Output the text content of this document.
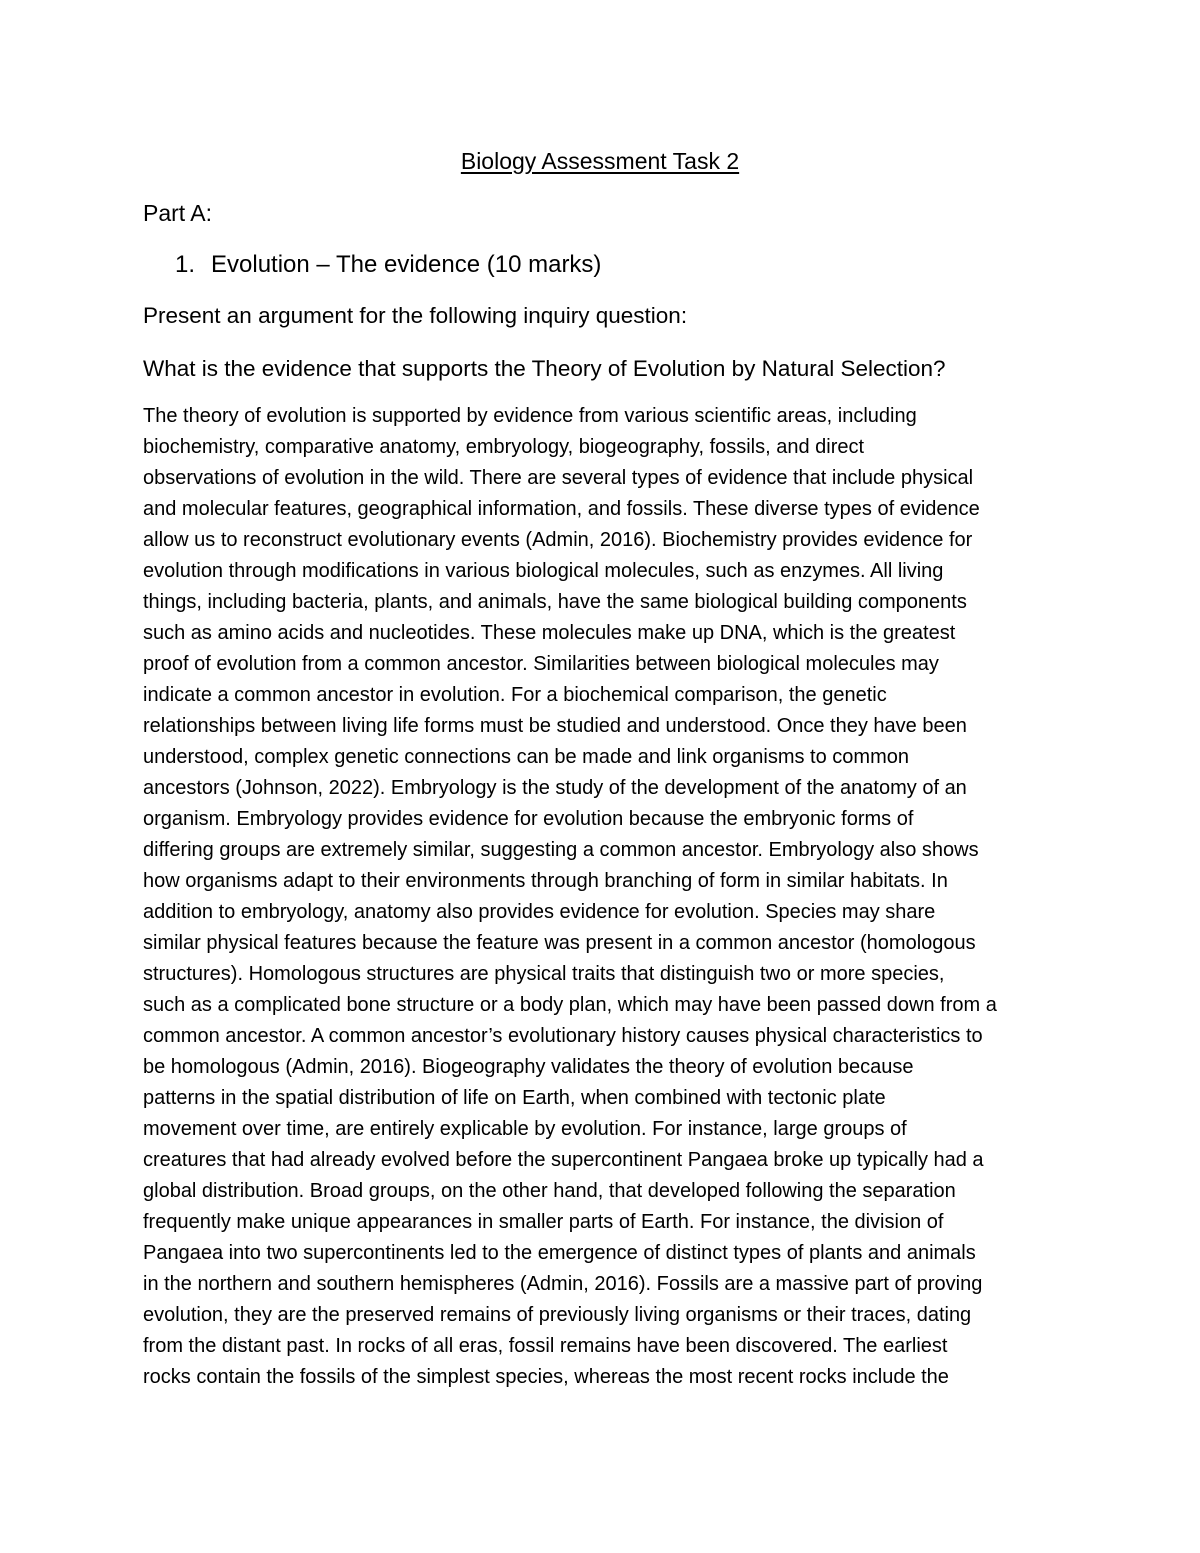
Biology Assessment Task 2

Part A:

1. Evolution – The evidence (10 marks)

Present an argument for the following inquiry question:

What is the evidence that supports the Theory of Evolution by Natural Selection?

The theory of evolution is supported by evidence from various scientific areas, including
biochemistry, comparative anatomy, embryology, biogeography, fossils, and direct
observations of evolution in the wild. There are several types of evidence that include physical
and molecular features, geographical information, and fossils. These diverse types of evidence
allow us to reconstruct evolutionary events (Admin, 2016). Biochemistry provides evidence for
evolution through modifications in various biological molecules, such as enzymes. All living
things, including bacteria, plants, and animals, have the same biological building components
such as amino acids and nucleotides. These molecules make up DNA, which is the greatest
proof of evolution from a common ancestor. Similarities between biological molecules may
indicate a common ancestor in evolution. For a biochemical comparison, the genetic
relationships between living life forms must be studied and understood. Once they have been
understood, complex genetic connections can be made and link organisms to common
ancestors (Johnson, 2022). Embryology is the study of the development of the anatomy of an
organism. Embryology provides evidence for evolution because the embryonic forms of
differing groups are extremely similar, suggesting a common ancestor. Embryology also shows
how organisms adapt to their environments through branching of form in similar habitats. In
addition to embryology, anatomy also provides evidence for evolution. Species may share
similar physical features because the feature was present in a common ancestor (homologous
structures). Homologous structures are physical traits that distinguish two or more species,
such as a complicated bone structure or a body plan, which may have been passed down from a
common ancestor. A common ancestor’s evolutionary history causes physical characteristics to
be homologous (Admin, 2016). Biogeography validates the theory of evolution because
patterns in the spatial distribution of life on Earth, when combined with tectonic plate
movement over time, are entirely explicable by evolution. For instance, large groups of
creatures that had already evolved before the supercontinent Pangaea broke up typically had a
global distribution. Broad groups, on the other hand, that developed following the separation
frequently make unique appearances in smaller parts of Earth. For instance, the division of
Pangaea into two supercontinents led to the emergence of distinct types of plants and animals
in the northern and southern hemispheres (Admin, 2016). Fossils are a massive part of proving
evolution, they are the preserved remains of previously living organisms or their traces, dating
from the distant past. In rocks of all eras, fossil remains have been discovered. The earliest
rocks contain the fossils of the simplest species, whereas the most recent rocks include the
